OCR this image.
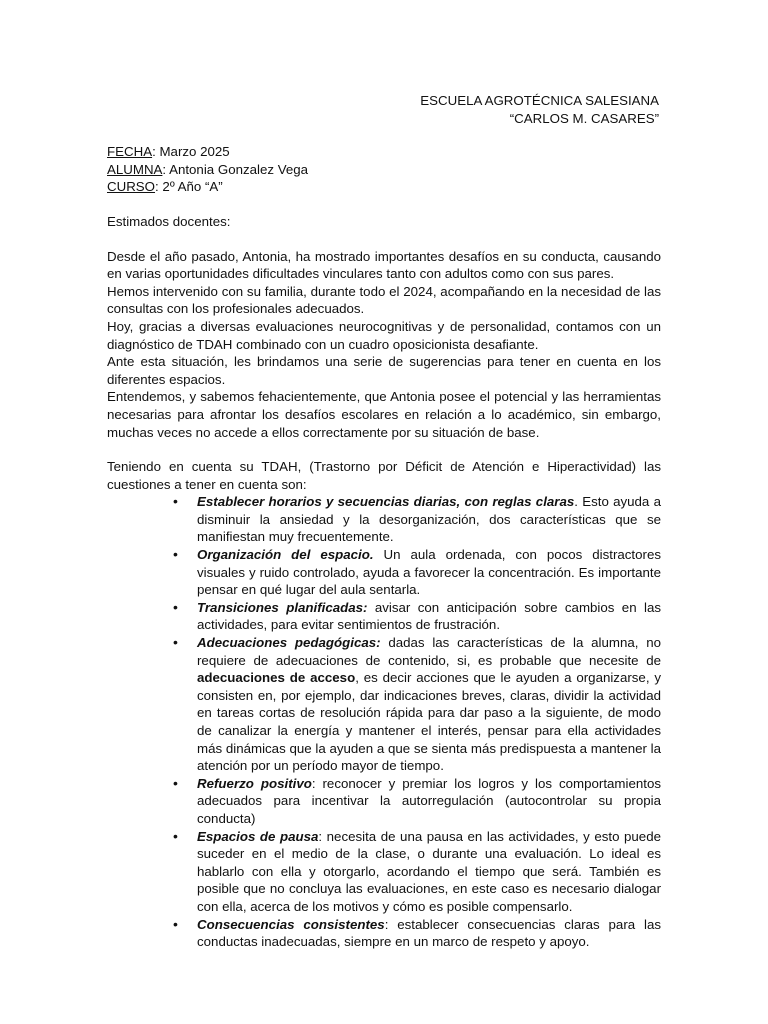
ESCUELA AGROTÉCNICA SALESIANA
“CARLOS M. CASARES”
FECHA: Marzo 2025
ALUMNA: Antonia Gonzalez Vega
CURSO: 2º Año “A”
Estimados docentes:

Desde el año pasado, Antonia, ha mostrado importantes desafíos en su conducta, causando en varias oportunidades dificultades vinculares tanto con adultos como con sus pares.

Hemos intervenido con su familia, durante todo el 2024, acompañando en la necesidad de las consultas con los profesionales adecuados.

Hoy, gracias a diversas evaluaciones neurocognitivas y de personalidad, contamos con un diagnóstico de TDAH combinado con un cuadro oposicionista desafiante.

Ante esta situación, les brindamos una serie de sugerencias para tener en cuenta en los diferentes espacios.

Entendemos, y sabemos fehacientemente, que Antonia posee el potencial y las herramientas necesarias para afrontar los desafíos escolares en relación a lo académico, sin embargo, muchas veces no accede a ellos correctamente por su situación de base.

Teniendo en cuenta su TDAH, (Trastorno por Déficit de Atención e Hiperactividad) las cuestiones a tener en cuenta son:
• Establecer horarios y secuencias diarias, con reglas claras. Esto ayuda a disminuir la ansiedad y la desorganización, dos características que se manifiestan muy frecuentemente.
• Organización del espacio. Un aula ordenada, con pocos distractores visuales y ruido controlado, ayuda a favorecer la concentración. Es importante pensar en qué lugar del aula sentarla.
• Transiciones planificadas: avisar con anticipación sobre cambios en las actividades, para evitar sentimientos de frustración.
• Adecuaciones pedagógicas: dadas las características de la alumna, no requiere de adecuaciones de contenido, si, es probable que necesite de adecuaciones de acceso, es decir acciones que le ayuden a organizarse, y consisten en, por ejemplo, dar indicaciones breves, claras, dividir la actividad en tareas cortas de resolución rápida para dar paso a la siguiente, de modo de canalizar la energía y mantener el interés, pensar para ella actividades más dinámicas que la ayuden a que se sienta más predispuesta a mantener la atención por un período mayor de tiempo.
• Refuerzo positivo: reconocer y premiar los logros y los comportamientos adecuados para incentivar la autorregulación (autocontrolar su propia conducta)
• Espacios de pausa: necesita de una pausa en las actividades, y esto puede suceder en el medio de la clase, o durante una evaluación. Lo ideal es hablarlo con ella y otorgarlo, acordando el tiempo que será. También es posible que no concluya las evaluaciones, en este caso es necesario dialogar con ella, acerca de los motivos y cómo es posible compensarlo.
• Consecuencias consistentes: establecer consecuencias claras para las conductas inadecuadas, siempre en un marco de respeto y apoyo.
